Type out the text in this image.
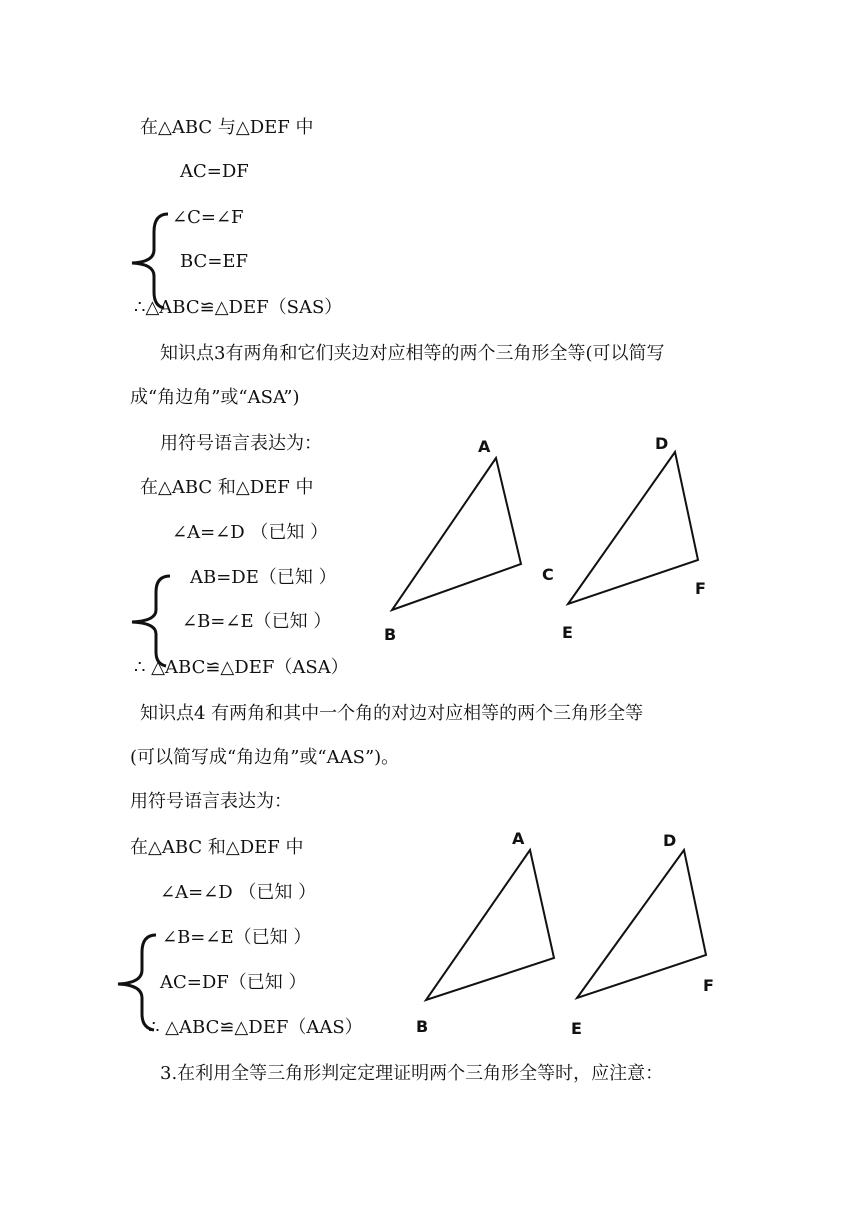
在△ABC 与△DEF 中
AC=DF
∠C=∠F
BC=EF
∴△ABC≌△DEF（SAS）
知识点3有两角和它们夹边对应相等的两个三角形全等(可以简写
成“角边角”或“ASA”)
用符号语言表达为：
在△ABC 和△DEF 中
∠A=∠D （已知 ）
AB=DE（已知 ）
∠B=∠E（已知 ）
∴ △ABC≌△DEF（ASA）
知识点4 有两角和其中一个角的对边对应相等的两个三角形全等
(可以简写成“角边角”或“AAS”)。
用符号语言表达为：
在△ABC 和△DEF 中
∠A=∠D （已知 ）
∠B=∠E（已知 ）
AC=DF（已知 ）
∴ △ABC≌△DEF（AAS）
3.在利用全等三角形判定定理证明两个三角形全等时，应注意：
A
B
C
D
E
F
A
B
D
E
F
